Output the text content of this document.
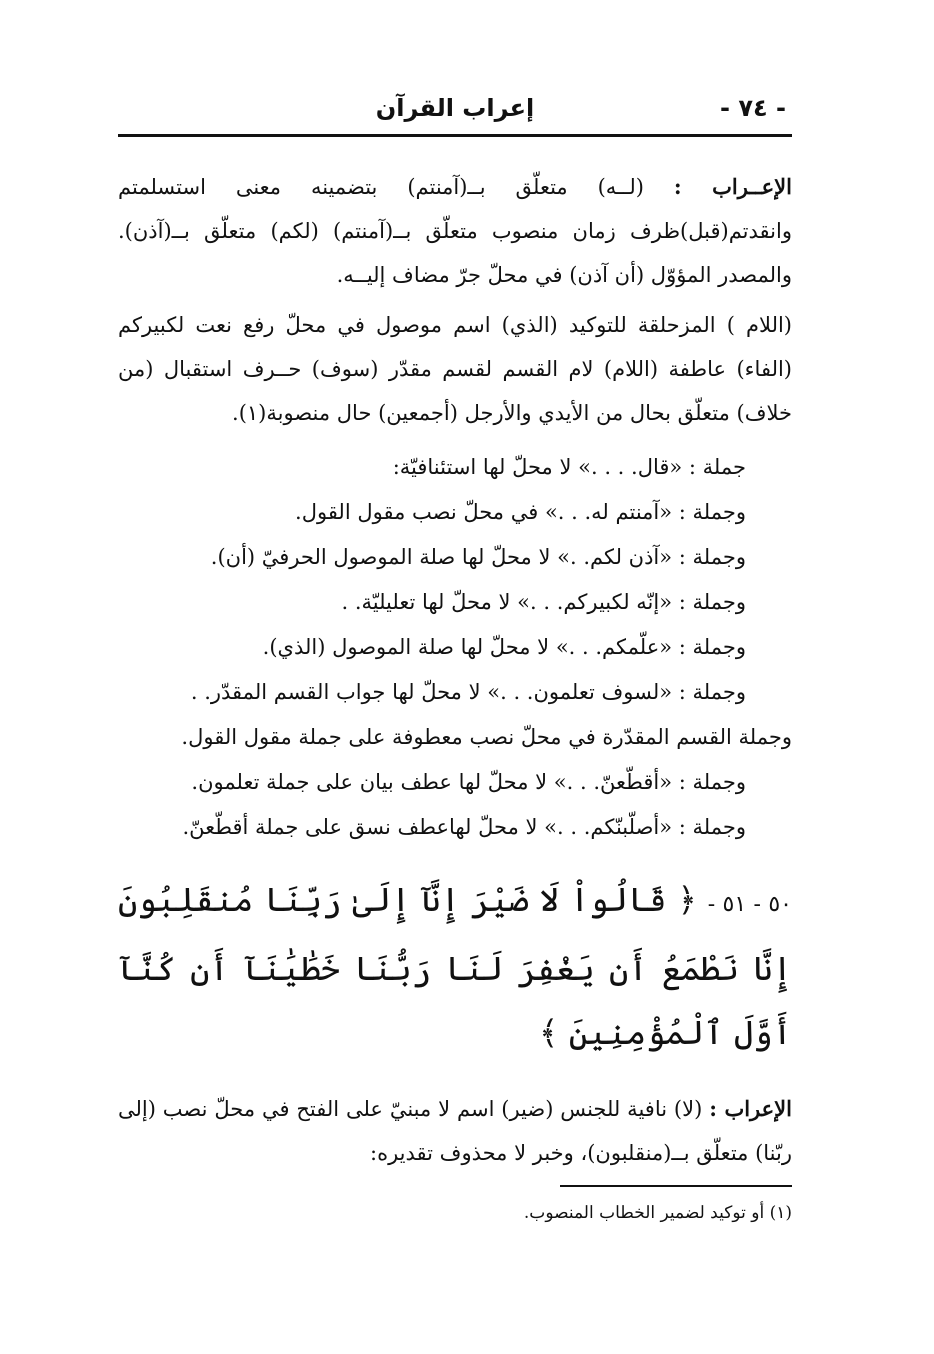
- ٧٤ -
إعراب القرآن

الإعــراب : (لــه) متعلّق بــ(آمنتم) بتضمينه معنى استسلمتم وانقدتم(قبل)ظرف زمان منصوب متعلّق بــ(آمنتم) (لكم) متعلّق بــ(آذن). والمصدر المؤوّل (أن آذن) في محلّ جرّ مضاف إليــه.

(اللام ) المزحلقة للتوكيد (الذي) اسم موصول في محلّ رفع نعت لكبيركم (الفاء) عاطفة (اللام) لام القسم لقسم مقدّر (سوف) حــرف استقبال (من خلاف) متعلّق بحال من الأيدي والأرجل (أجمعين) حال منصوبة(١).

جملة : «قال. . . .» لا محلّ لها استئنافيّة:
وجملة : «آمنتم له. . .» في محلّ نصب مقول القول.
وجملة : «آذن لكم. .» لا محلّ لها صلة الموصول الحرفيّ (أن).
وجملة : «إنّه لكبيركم. . .» لا محلّ لها تعليليّة. .
وجملة : «علّمكم. . .» لا محلّ لها صلة الموصول (الذي).
وجملة : «لسوف تعلمون. . .» لا محلّ لها جواب القسم المقدّر. .
وجملة القسم المقدّرة في محلّ نصب معطوفة على جملة مقول القول.
وجملة : «أقطّعنّ. . .» لا محلّ لها عطف بيان على جملة تعلمون.
وجملة : «أصلّبنّكم. . .» لا محلّ لهاعطف نسق على جملة أقطّعنّ.
٥٠ - ٥١ - ﴿ قَالُواْ لَا ضَيْرَ إِنَّآ إِلَىٰ رَبِّنَا مُنقَلِبُونَ إِنَّا نَطْمَعُ أَن يَغْفِرَ لَنَا رَبُّنَا خَطَٰيَٰنَآ أَن كُنَّآ أَوَّلَ ٱلْمُؤْمِنِينَ ﴾

الإعراب : (لا) نافية للجنس (ضير) اسم لا مبنيّ على الفتح في محلّ نصب (إلى ربّنا) متعلّق بــ(منقلبون)، وخبر لا محذوف تقديره:

(١) أو توكيد لضمير الخطاب المنصوب.
